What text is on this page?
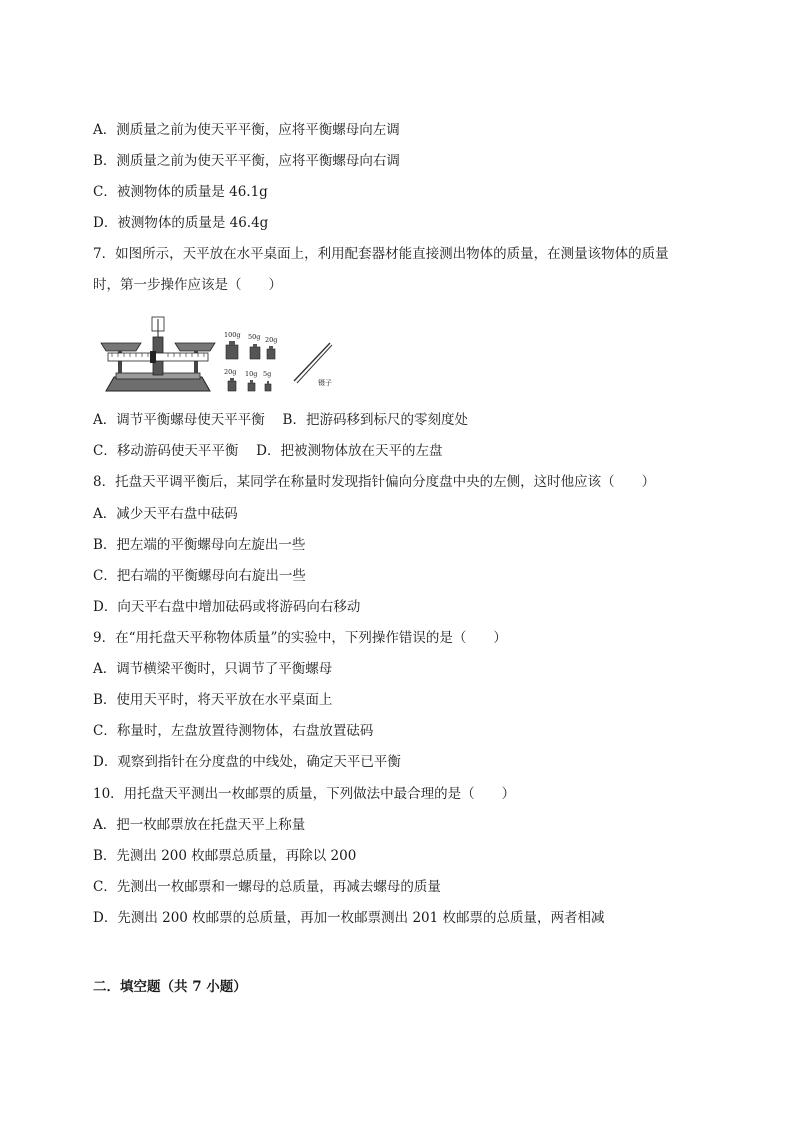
A．测质量之前为使天平平衡，应将平衡螺母向左调
B．测质量之前为使天平平衡，应将平衡螺母向右调
C．被测物体的质量是 46.1g
D．被测物体的质量是 46.4g
7．如图所示，天平放在水平桌面上，利用配套器材能直接测出物体的质量，在测量该物体的质量
时，第一步操作应该是（　　）
100g 50g 20g
20g 10g 5g
镊子
A．调节平衡螺母使天平平衡　 B．把游码移到标尺的零刻度处
C．移动游码使天平平衡　 D．把被测物体放在天平的左盘
8．托盘天平调平衡后，某同学在称量时发现指针偏向分度盘中央的左侧，这时他应该（　　）
A．减少天平右盘中砝码
B．把左端的平衡螺母向左旋出一些
C．把右端的平衡螺母向右旋出一些
D．向天平右盘中增加砝码或将游码向右移动
9．在“用托盘天平称物体质量”的实验中，下列操作错误的是（　　）
A．调节横梁平衡时，只调节了平衡螺母
B．使用天平时，将天平放在水平桌面上
C．称量时，左盘放置待测物体，右盘放置砝码
D．观察到指针在分度盘的中线处，确定天平已平衡
10．用托盘天平测出一枚邮票的质量，下列做法中最合理的是（　　）
A．把一枚邮票放在托盘天平上称量
B．先测出 200 枚邮票总质量，再除以 200
C．先测出一枚邮票和一螺母的总质量，再减去螺母的质量
D．先测出 200 枚邮票的总质量，再加一枚邮票测出 201 枚邮票的总质量，两者相减
二．填空题（共 7 小题）
